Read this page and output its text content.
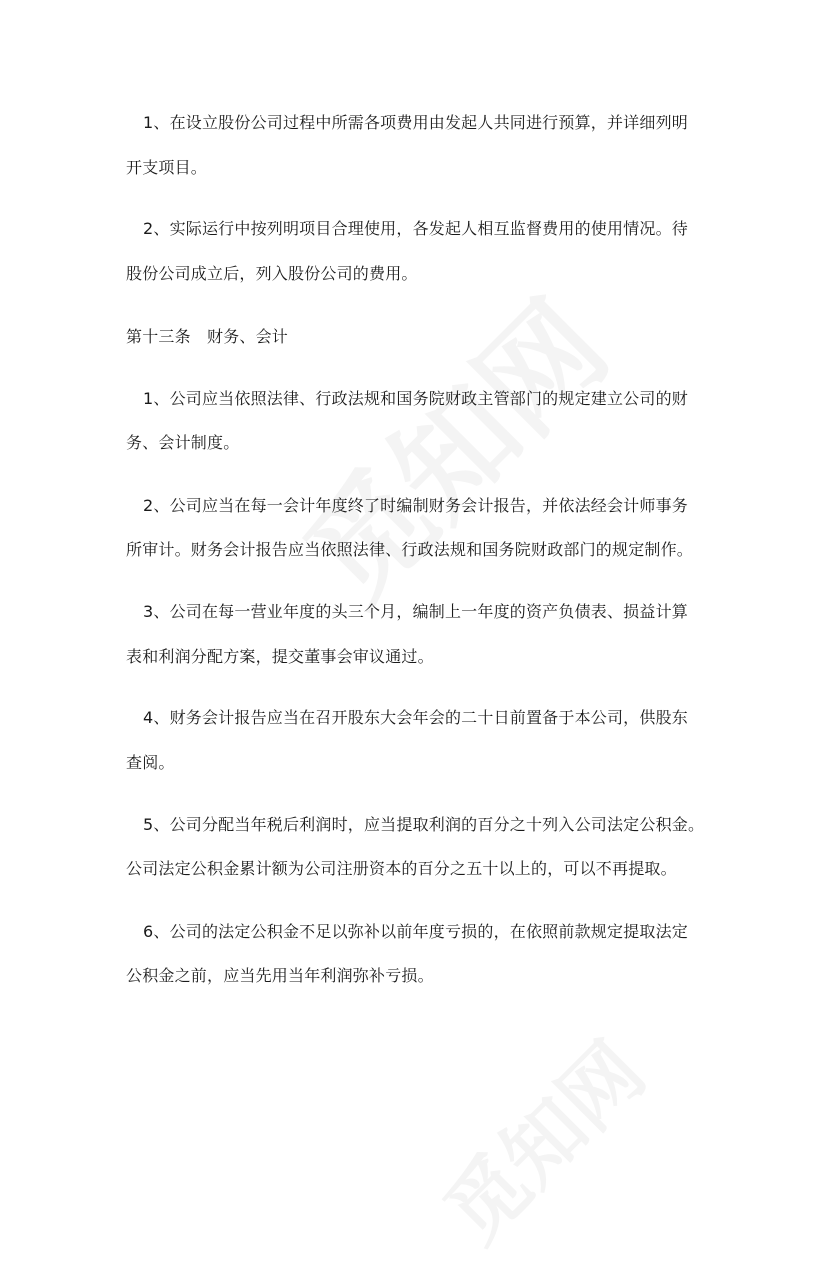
1、在设立股份公司过程中所需各项费用由发起人共同进行预算，并详细列明
开支项目。
2、实际运行中按列明项目合理使用，各发起人相互监督费用的使用情况。待
股份公司成立后，列入股份公司的费用。
第十三条　财务、会计
1、公司应当依照法律、行政法规和国务院财政主管部门的规定建立公司的财
务、会计制度。
2、公司应当在每一会计年度终了时编制财务会计报告，并依法经会计师事务
所审计。财务会计报告应当依照法律、行政法规和国务院财政部门的规定制作。
3、公司在每一营业年度的头三个月，编制上一年度的资产负债表、损益计算
表和利润分配方案，提交董事会审议通过。
4、财务会计报告应当在召开股东大会年会的二十日前置备于本公司，供股东
查阅。
5、公司分配当年税后利润时，应当提取利润的百分之十列入公司法定公积金。
公司法定公积金累计额为公司注册资本的百分之五十以上的，可以不再提取。
6、公司的法定公积金不足以弥补以前年度亏损的，在依照前款规定提取法定
公积金之前，应当先用当年利润弥补亏损。
